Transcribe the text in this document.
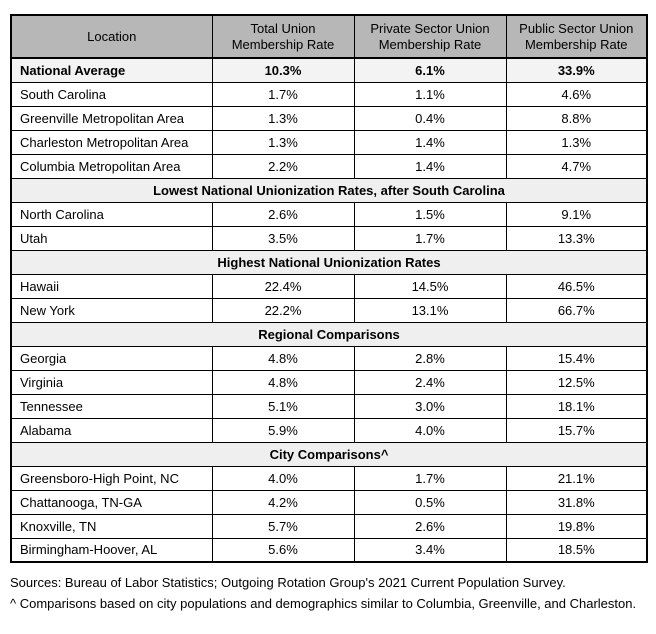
Location	Total Union Membership Rate	Private Sector Union Membership Rate	Public Sector Union Membership Rate
National Average	10.3%	6.1%	33.9%
South Carolina	1.7%	1.1%	4.6%
Greenville Metropolitan Area	1.3%	0.4%	8.8%
Charleston Metropolitan Area	1.3%	1.4%	1.3%
Columbia Metropolitan Area	2.2%	1.4%	4.7%
Lowest National Unionization Rates, after South Carolina			
North Carolina	2.6%	1.5%	9.1%
Utah	3.5%	1.7%	13.3%
Highest National Unionization Rates			
Hawaii	22.4%	14.5%	46.5%
New York	22.2%	13.1%	66.7%
Regional Comparisons			
Georgia	4.8%	2.8%	15.4%
Virginia	4.8%	2.4%	12.5%
Tennessee	5.1%	3.0%	18.1%
Alabama	5.9%	4.0%	15.7%
City Comparisons^			
Greensboro-High Point, NC	4.0%	1.7%	21.1%
Chattanooga, TN-GA	4.2%	0.5%	31.8%
Knoxville, TN	5.7%	2.6%	19.8%
Birmingham-Hoover, AL	5.6%	3.4%	18.5%

Sources: Bureau of Labor Statistics; Outgoing Rotation Group's 2021 Current Population Survey.

^ Comparisons based on city populations and demographics similar to Columbia, Greenville, and Charleston.
